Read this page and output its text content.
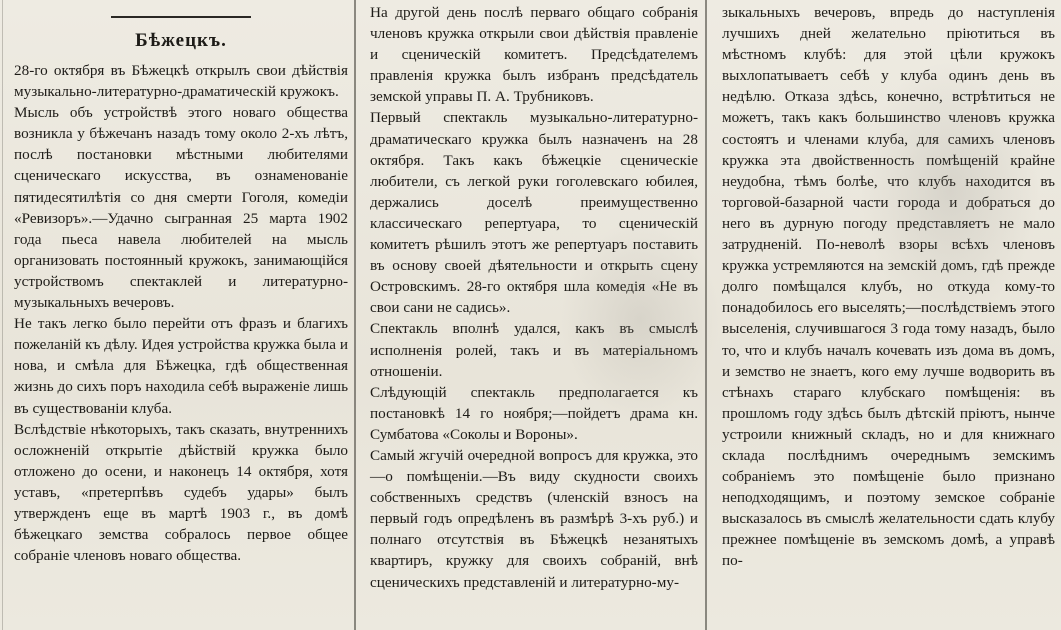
Бѣжецкъ.

28-го октября въ Бѣжецкѣ открылъ свои дѣйствія музыкально-литературно-драматическій кружокъ.

Мысль объ устройствѣ этого новаго общества возникла у бѣжечанъ назадъ тому около 2-хъ лѣтъ, послѣ постановки мѣстными любителями сценическаго искусства, въ ознаменованіе пятидесятилѣтія со дня смерти Гоголя, комедіи «Ревизоръ».—Удачно сыгранная 25 марта 1902 года пьеса навела любителей на мысль организовать постоянный кружокъ, занимающійся устройствомъ спектаклей и литературно-музыкальныхъ вечеровъ.

Не такъ легко было перейти отъ фразъ и благихъ пожеланій къ дѣлу. Идея устройства кружка была и нова, и смѣла для Бѣжецка, гдѣ общественная жизнь до сихъ поръ находила себѣ выраженіе лишь въ существованіи клуба.

Вслѣдствіе нѣкоторыхъ, такъ сказать, внутреннихъ осложненій открытіе дѣйствій кружка было отложено до осени, и наконецъ 14 октября, хотя уставъ, «претерпѣвъ судебъ удары» былъ утвержденъ еще въ мартѣ 1903 г., въ домѣ бѣжецкаго земства собралось первое общее собраніе членовъ новаго общества.

На другой день послѣ перваго общаго собранія членовъ кружка открыли свои дѣйствія правленіе и сценическій комитетъ. Предсѣдателемъ правленія кружка былъ избранъ предсѣдатель земской управы П. А. Трубниковъ.

Первый спектакль музыкально-литературно-драматическаго кружка былъ назначенъ на 28 октября. Такъ какъ бѣжецкіе сценическіе любители, съ легкой руки гоголевскаго юбилея, держались доселѣ преимущественно классическаго репертуара, то сценическій комитетъ рѣшилъ этотъ же репертуаръ поставить въ основу своей дѣятельности и открыть сцену Островскимъ. 28-го октября шла комедія «Не въ свои сани не садись».

Спектакль вполнѣ удался, какъ въ смыслѣ исполненія ролей, такъ и въ матеріальномъ отношеніи.

Слѣдующій спектакль предполагается къ постановкѣ 14 го ноября;—пойдетъ драма кн. Сумбатова «Соколы и Вороны».

Самый жгучій очередной вопросъ для кружка, это—о помѣщеніи.—Въ виду скудности своихъ собственныхъ средствъ (членскій взносъ на первый годъ опредѣленъ въ размѣрѣ 3-хъ руб.) и полнаго отсутствія въ Бѣжецкѣ незанятыхъ квартиръ, кружку для своихъ собраній, внѣ сценическихъ представленій и литературно-му-

зыкальныхъ вечеровъ, впредь до наступленія лучшихъ дней желательно пріютиться въ мѣстномъ клубѣ: для этой цѣли кружокъ выхлопатываетъ себѣ у клуба одинъ день въ недѣлю. Отказа здѣсь, конечно, встрѣтиться не можетъ, такъ какъ большинство членовъ кружка состоятъ и членами клуба, для самихъ членовъ кружка эта двойственность помѣщеній крайне неудобна, тѣмъ болѣе, что клубъ находится въ торговой-базарной части города и добраться до него въ дурную погоду представляетъ не мало затрудненій. По-неволѣ взоры всѣхъ членовъ кружка устремляются на земскій домъ, гдѣ прежде долго помѣщался клубъ, но откуда кому-то понадобилось его выселять;—послѣдствіемъ этого выселенія, случившагося 3 года тому назадъ, было то, что и клубъ началъ кочевать изъ дома въ домъ, и земство не знаетъ, кого ему лучше водворить въ стѣнахъ стараго клубскаго помѣщенія: въ прошломъ году здѣсь былъ дѣтскій пріютъ, нынче устроили книжный складъ, но и для книжнаго склада послѣднимъ очереднымъ земскимъ собраніемъ это помѣщеніе было признано неподходящимъ, и поэтому земское собраніе высказалось въ смыслѣ желательности сдать клубу прежнее помѣщеніе въ земскомъ домѣ, а управѣ по-
